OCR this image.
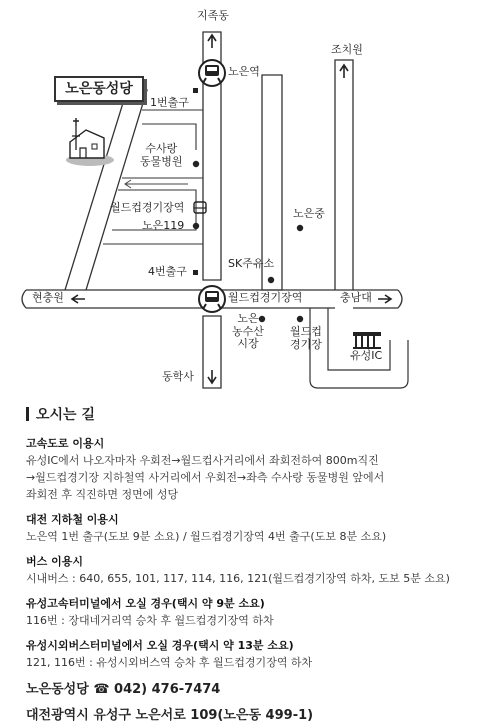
지족동
조치원
노은역
노은동성당
1번출구
수사랑
동물병원
월드컵경기장역
노은119
4번출구
SK주유소
노은중
현충원	충남대
월드컵경기장역
노은
농수산
시장
월드컵
경기장
유성IC
동학사
오시는 길
고속도로 이용시
유성IC에서 나오자마자 우회전→월드컵사거리에서 좌회전하여 800m직진
→월드컵경기장 지하철역 사거리에서 우회전→좌측 수사랑 동물병원 앞에서
좌회전 후 직진하면 정면에 성당
대전 지하철 이용시
노은역 1번 출구(도보 9분 소요) / 월드컵경기장역 4번 출구(도보 8분 소요)
버스 이용시
시내버스 : 640, 655, 101, 117, 114, 116, 121(월드컵경기장역 하차, 도보 5분 소요)
유성고속터미널에서 오실 경우(택시 약 9분 소요)
116번 : 장대네거리역 승차 후 월드컵경기장역 하차
유성시외버스터미널에서 오실 경우(택시 약 13분 소요)
121, 116번 : 유성시외버스역 승차 후 월드컵경기장역 하차
노은동성당 ☎ 042) 476-7474
대전광역시 유성구 노은서로 109(노은동 499-1)
